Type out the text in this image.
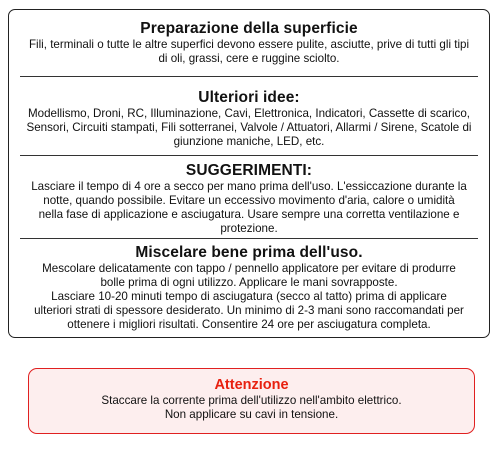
Preparazione della superficie

Fili, terminali o tutte le altre superfici devono essere pulite, asciutte, prive di tutti gli tipi

di oli, grassi, cere e ruggine sciolto.

Ulteriori idee:

Modellismo, Droni, RC, Illuminazione, Cavi, Elettronica, Indicatori, Cassette di scarico,

Sensori, Circuiti stampati, Fili sotterranei, Valvole / Attuatori, Allarmi / Sirene, Scatole di

giunzione maniche, LED, etc.

SUGGERIMENTI:

Lasciare il tempo di 4 ore a secco per mano prima dell'uso. L'essiccazione durante la

notte, quando possibile. Evitare un eccessivo movimento d'aria, calore o umidità

nella fase di applicazione e asciugatura. Usare sempre una corretta ventilazione e

protezione.

Miscelare bene prima dell'uso.

Mescolare delicatamente con tappo / pennello applicatore per evitare di produrre

bolle prima di ogni utilizzo. Applicare le mani sovrapposte.

Lasciare 10-20 minuti tempo di asciugatura (secco al tatto) prima di applicare

ulteriori strati di spessore desiderato. Un minimo di 2-3 mani sono raccomandati per

ottenere i migliori risultati. Consentire 24 ore per asciugatura completa.

Attenzione

Staccare la corrente prima dell'utilizzo nell'ambito elettrico.

Non applicare su cavi in tensione.
